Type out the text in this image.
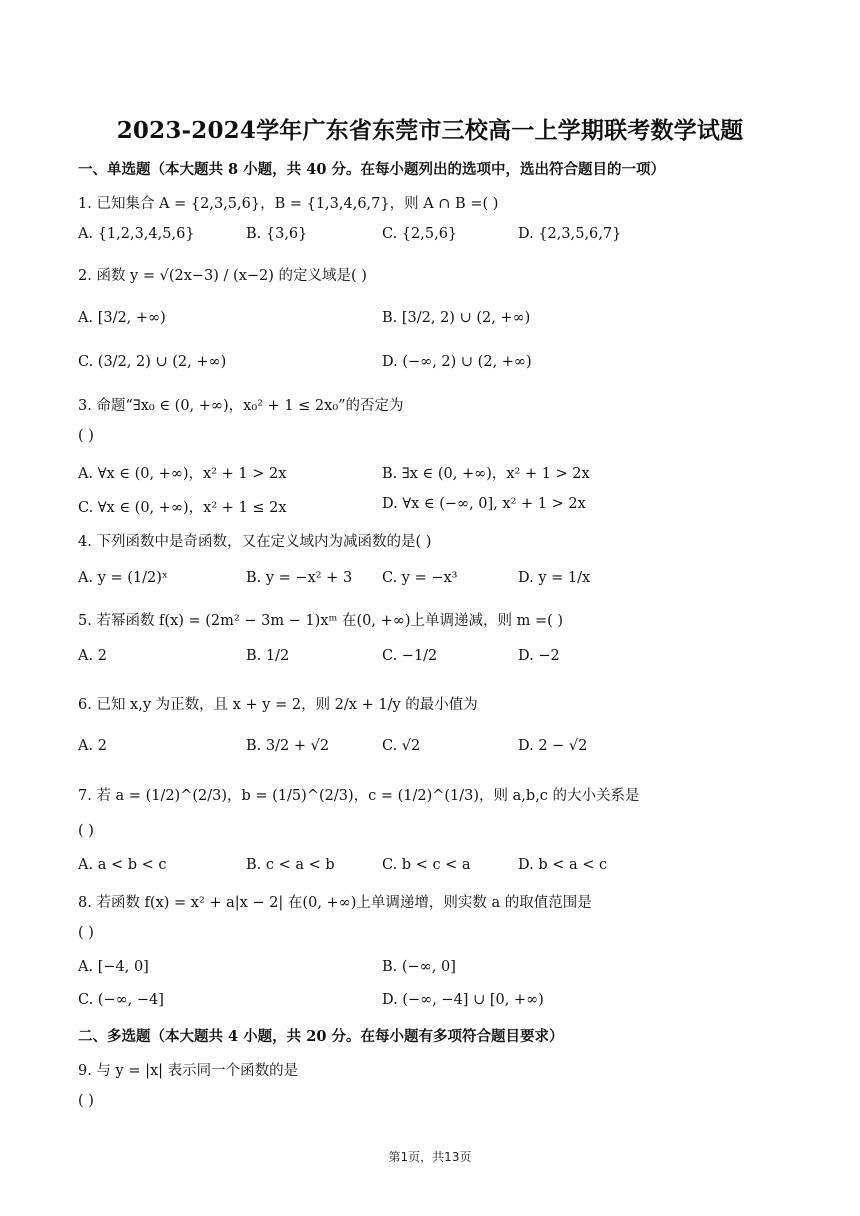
2023-2024学年广东省东莞市三校高一上学期联考数学试题
一、单选题（本大题共 8 小题，共 40 分。在每小题列出的选项中，选出符合题目的一项）
1. 已知集合 A = {2,3,5,6}，B = {1,3,4,6,7}，则 A ∩ B =( )
A. {1,2,3,4,5,6}	B. {3,6}	C. {2,5,6}	D. {2,3,5,6,7}
2. 函数 y = √(2x−3) / (x−2) 的定义域是( )
A. [3/2, +∞)	B. [3/2, 2) ∪ (2, +∞)
C. (3/2, 2) ∪ (2, +∞)	D. (−∞, 2) ∪ (2, +∞)
3. 命题“∃x₀ ∈ (0, +∞)，x₀² + 1 ≤ 2x₀”的否定为
( )
A. ∀x ∈ (0, +∞)，x² + 1 > 2x	B. ∃x ∈ (0, +∞)，x² + 1 > 2x
C. ∀x ∈ (0, +∞)，x² + 1 ≤ 2x	D. ∀x ∈ (−∞, 0], x² + 1 > 2x
4. 下列函数中是奇函数，又在定义域内为减函数的是( )
A. y = (1/2)ˣ	B. y = −x² + 3 C. y = −x³	D. y = 1/x
5. 若幂函数 f(x) = (2m² − 3m − 1)xᵐ 在(0, +∞)上单调递减，则 m =( )
A. 2	B. 1/2	C. −1/2	D. −2
6. 已知 x,y 为正数，且 x + y = 2，则 2/x + 1/y 的最小值为
A. 2	B. 3/2 + √2	C. √2	D. 2 − √2
7. 若 a = (1/2)^(2/3)，b = (1/5)^(2/3)，c = (1/2)^(1/3)，则 a,b,c 的大小关系是
( )
A. a < b < c	B. c < a < b	C. b < c < a	D. b < a < c
8. 若函数 f(x) = x² + a|x − 2| 在(0, +∞)上单调递增，则实数 a 的取值范围是
( )
A. [−4, 0]	B. (−∞, 0]
C. (−∞, −4]	D. (−∞, −4] ∪ [0, +∞)
二、多选题（本大题共 4 小题，共 20 分。在每小题有多项符合题目要求）
9. 与 y = |x| 表示同一个函数的是
( )
第1页，共13页
